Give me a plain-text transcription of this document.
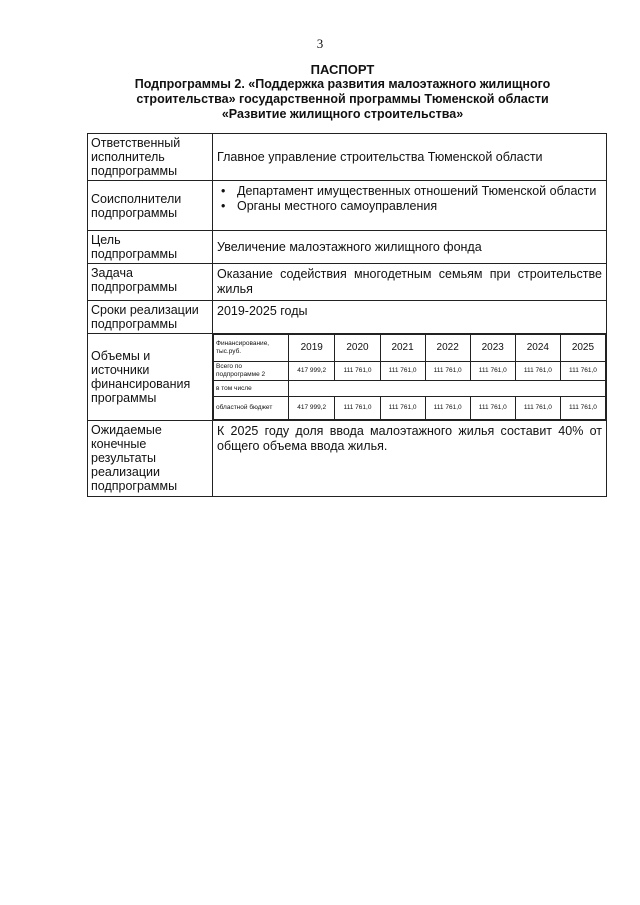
3
ПАСПОРТ
Подпрограммы 2. «Поддержка развития малоэтажного жилищного
строительства» государственной программы Тюменской области
«Развитие жилищного строительства»
Ответственный исполнитель подпрограммы	Главное управление строительства Тюменской области
Соисполнители подпрограммы	
• Департамент имущественных отношений Тюменской области
• Органы местного самоуправления

Цель подпрограммы	Увеличение малоэтажного жилищного фонда
Задача подпрограммы	Оказание содействия многодетным семьям при строительстве жилья
Сроки реализации подпрограммы	2019-2025 годы
Объемы и источники финансирования программы	
Финансирование, тыс.руб.	2019	2020	2021	2022	2023	2024	2025
Всего по подпрограмме 2	417 999,2	111 761,0	111 761,0	111 761,0	111 761,0	111 761,0	111 761,0
в том числе	
областной бюджет	417 999,2	111 761,0	111 761,0	111 761,0	111 761,0	111 761,0	111 761,0

Ожидаемые конечные результаты реализации подпрограммы	К 2025 году доля ввода малоэтажного жилья составит 40% от общего объема ввода жилья.
